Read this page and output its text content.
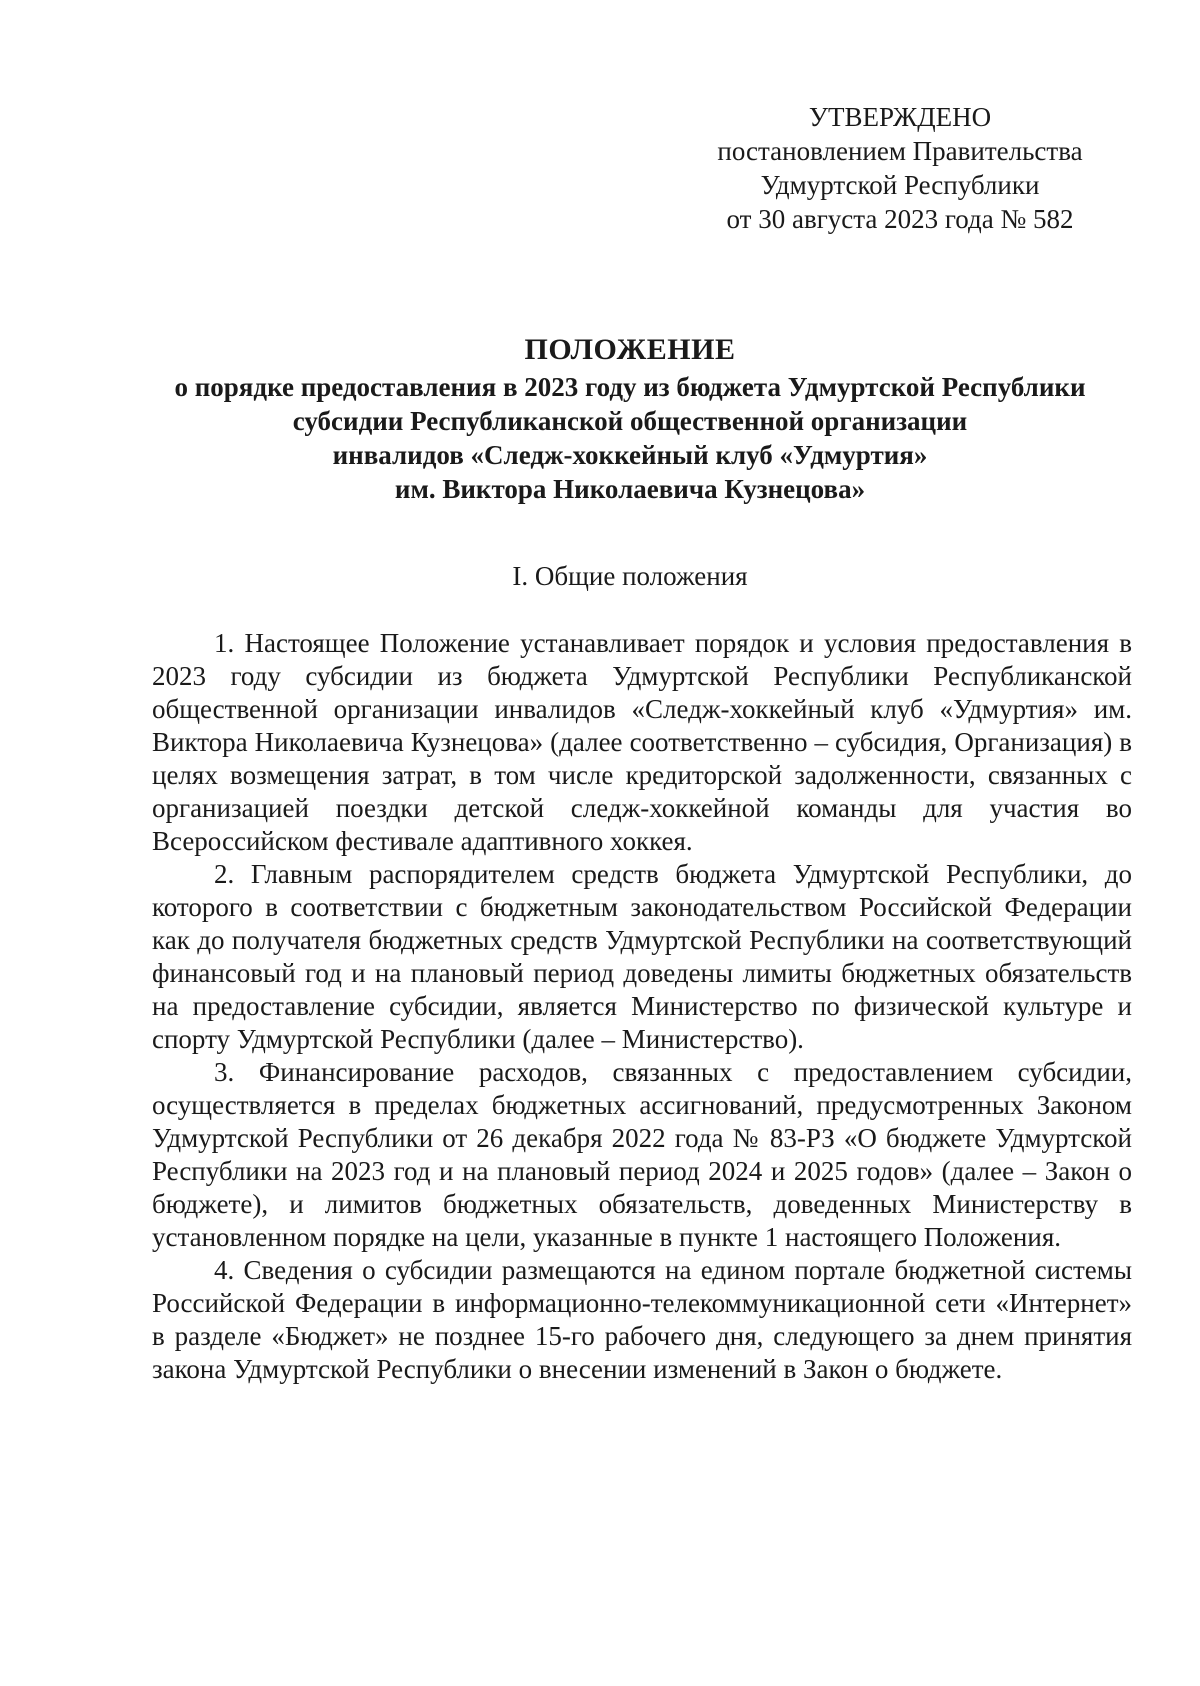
УТВЕРЖДЕНО
постановлением Правительства
Удмуртской Республики
от 30 августа 2023 года № 582
ПОЛОЖЕНИЕ
о порядке предоставления в 2023 году из бюджета Удмуртской Республики
субсидии Республиканской общественной организации
инвалидов «Следж-хоккейный клуб «Удмуртия»
им. Виктора Николаевича Кузнецова»
I. Общие положения

1. Настоящее Положение устанавливает порядок и условия предоставления в 2023 году субсидии из бюджета Удмуртской Республики Республиканской общественной организации инвалидов «Следж-хоккейный клуб «Удмуртия» им. Виктора Николаевича Кузнецова» (далее соответственно – субсидия, Организация) в целях возмещения затрат, в том числе кредиторской задолженности, связанных с организацией поездки детской следж-хоккейной команды для участия во Всероссийском фестивале адаптивного хоккея.

2. Главным распорядителем средств бюджета Удмуртской Республики, до которого в соответствии с бюджетным законодательством Российской Федерации как до получателя бюджетных средств Удмуртской Республики на соответствующий финансовый год и на плановый период доведены лимиты бюджетных обязательств на предоставление субсидии, является Министерство по физической культуре и спорту Удмуртской Республики (далее – Министерство).

3. Финансирование расходов, связанных с предоставлением субсидии, осуществляется в пределах бюджетных ассигнований, предусмотренных Законом Удмуртской Республики от 26 декабря 2022 года № 83-РЗ «О бюджете Удмуртской Республики на 2023 год и на плановый период 2024 и 2025 годов» (далее – Закон о бюджете), и лимитов бюджетных обязательств, доведенных Министерству в установленном порядке на цели, указанные в пункте 1 настоящего Положения.

4. Сведения о субсидии размещаются на едином портале бюджетной системы Российской Федерации в информационно-телекоммуникационной сети «Интернет» в разделе «Бюджет» не позднее 15-го рабочего дня, следующего за днем принятия закона Удмуртской Республики о внесении изменений в Закон о бюджете.
